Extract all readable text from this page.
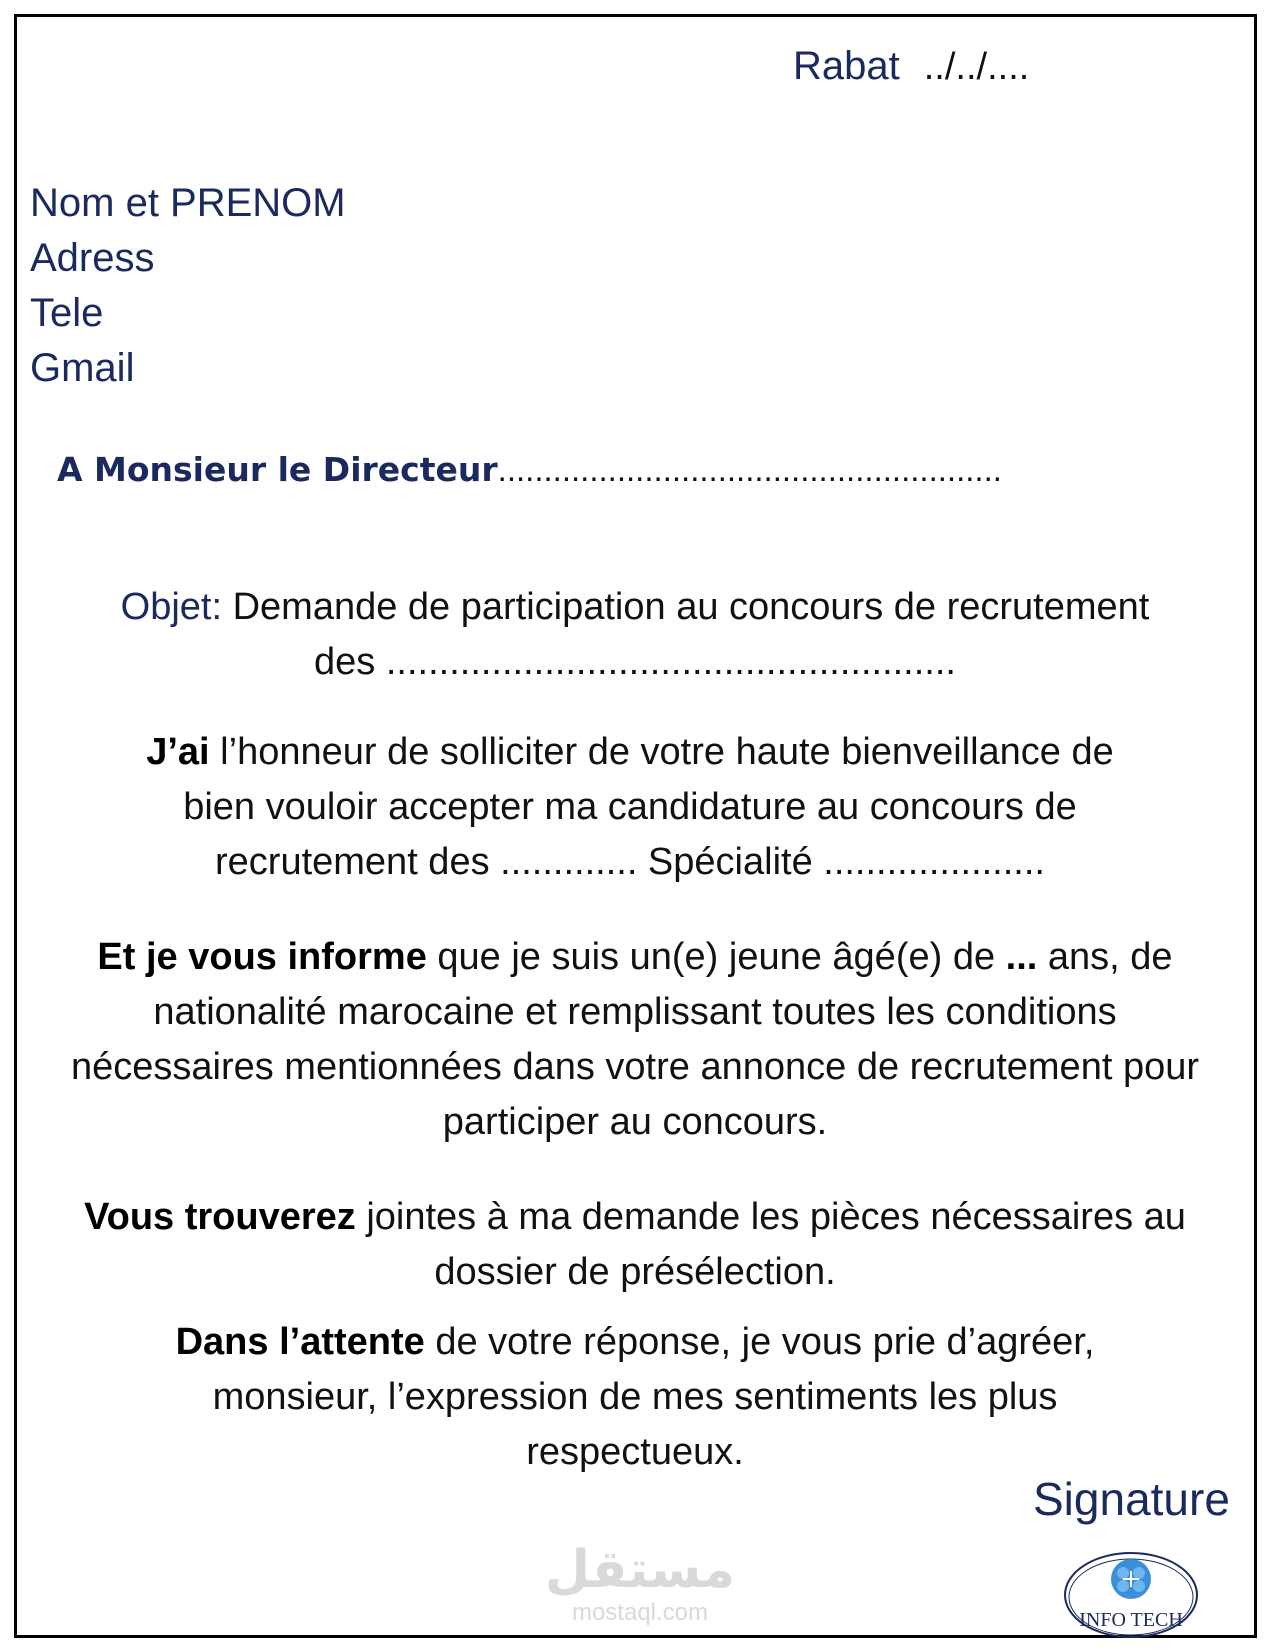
Rabat ../../....
Nom et PRENOM
Adress
Tele
Gmail
A Monsieur le Directeur.......................................................
Objet: Demande de participation au concours de recrutement
des ......................................................
J’ai l’honneur de solliciter de votre haute bienveillance de bien vouloir accepter ma candidature au concours de recrutement des ............. Spécialité .....................
Et je vous informe que je suis un(e) jeune âgé(e) de ... ans, de nationalité marocaine et remplissant toutes les conditions nécessaires mentionnées dans votre annonce de recrutement pour participer au concours.
Vous trouverez jointes à ma demande les pièces nécessaires au dossier de présélection.
Dans l’attente de votre réponse, je vous prie d’agréer, monsieur, l’expression de mes sentiments les plus respectueux.
Signature
مستقل
mostaql.com	INFO TECH
